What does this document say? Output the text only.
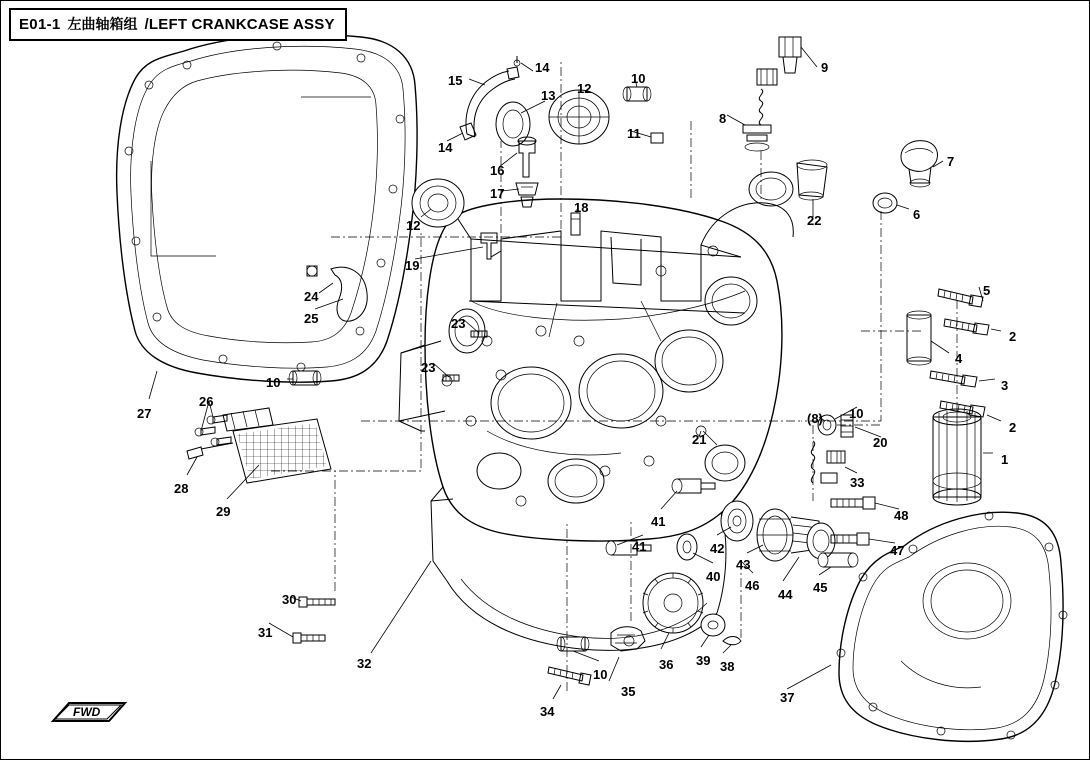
E01-1 左曲轴箱组 /LEFT CRANKCASE ASSY
FWD
1
2
2
3
4
5
6
7
8
9
10
10
10
10
11
12
12
13
14
14
15
16
17
18
19
20
21
22
23
23
24
25
26
27
28
29
30
31
32
33
34
35
36
37
38
39
40
41
41	42
43
44 45
46
47
48
(8)
